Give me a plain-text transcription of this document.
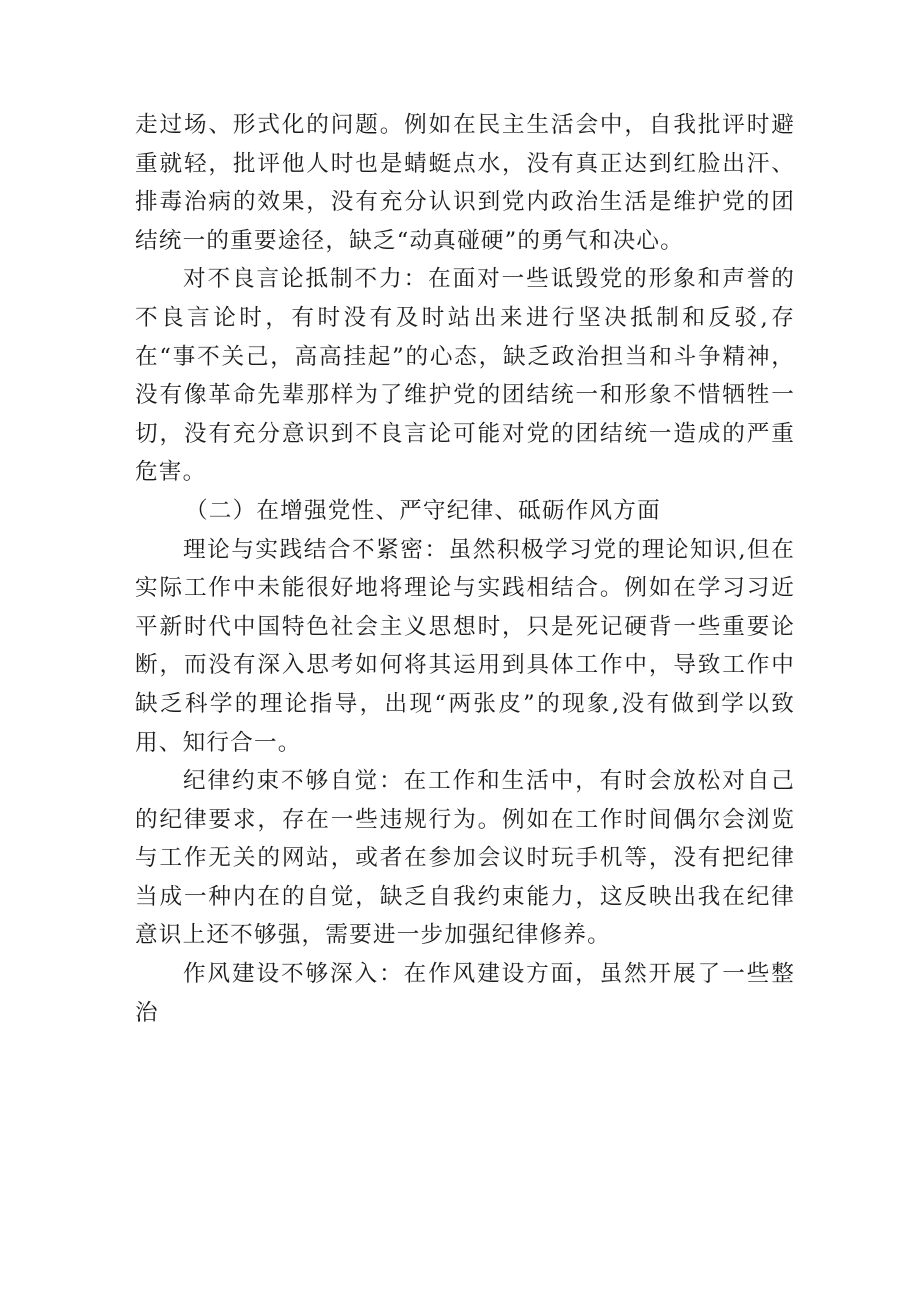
走过场、形式化的问题。例如在民主生活会中，自我批评时避重就轻，批评他人时也是蜻蜓点水，没有真正达到红脸出汗、排毒治病的效果，没有充分认识到党内政治生活是维护党的团结统一的重要途径，缺乏“动真碰硬”的勇气和决心。

对不良言论抵制不力：在面对一些诋毁党的形象和声誉的不良言论时，有时没有及时站出来进行坚决抵制和反驳,存在“事不关己，高高挂起”的心态，缺乏政治担当和斗争精神，没有像革命先辈那样为了维护党的团结统一和形象不惜牺牲一切，没有充分意识到不良言论可能对党的团结统一造成的严重危害。

（二）在增强党性、严守纪律、砥砺作风方面

理论与实践结合不紧密：虽然积极学习党的理论知识,但在实际工作中未能很好地将理论与实践相结合。例如在学习习近平新时代中国特色社会主义思想时，只是死记硬背一些重要论断，而没有深入思考如何将其运用到具体工作中，导致工作中缺乏科学的理论指导，出现“两张皮”的现象,没有做到学以致用、知行合一。

纪律约束不够自觉：在工作和生活中，有时会放松对自己的纪律要求，存在一些违规行为。例如在工作时间偶尔会浏览与工作无关的网站，或者在参加会议时玩手机等，没有把纪律当成一种内在的自觉，缺乏自我约束能力，这反映出我在纪律意识上还不够强，需要进一步加强纪律修养。

作风建设不够深入：在作风建设方面，虽然开展了一些整治
